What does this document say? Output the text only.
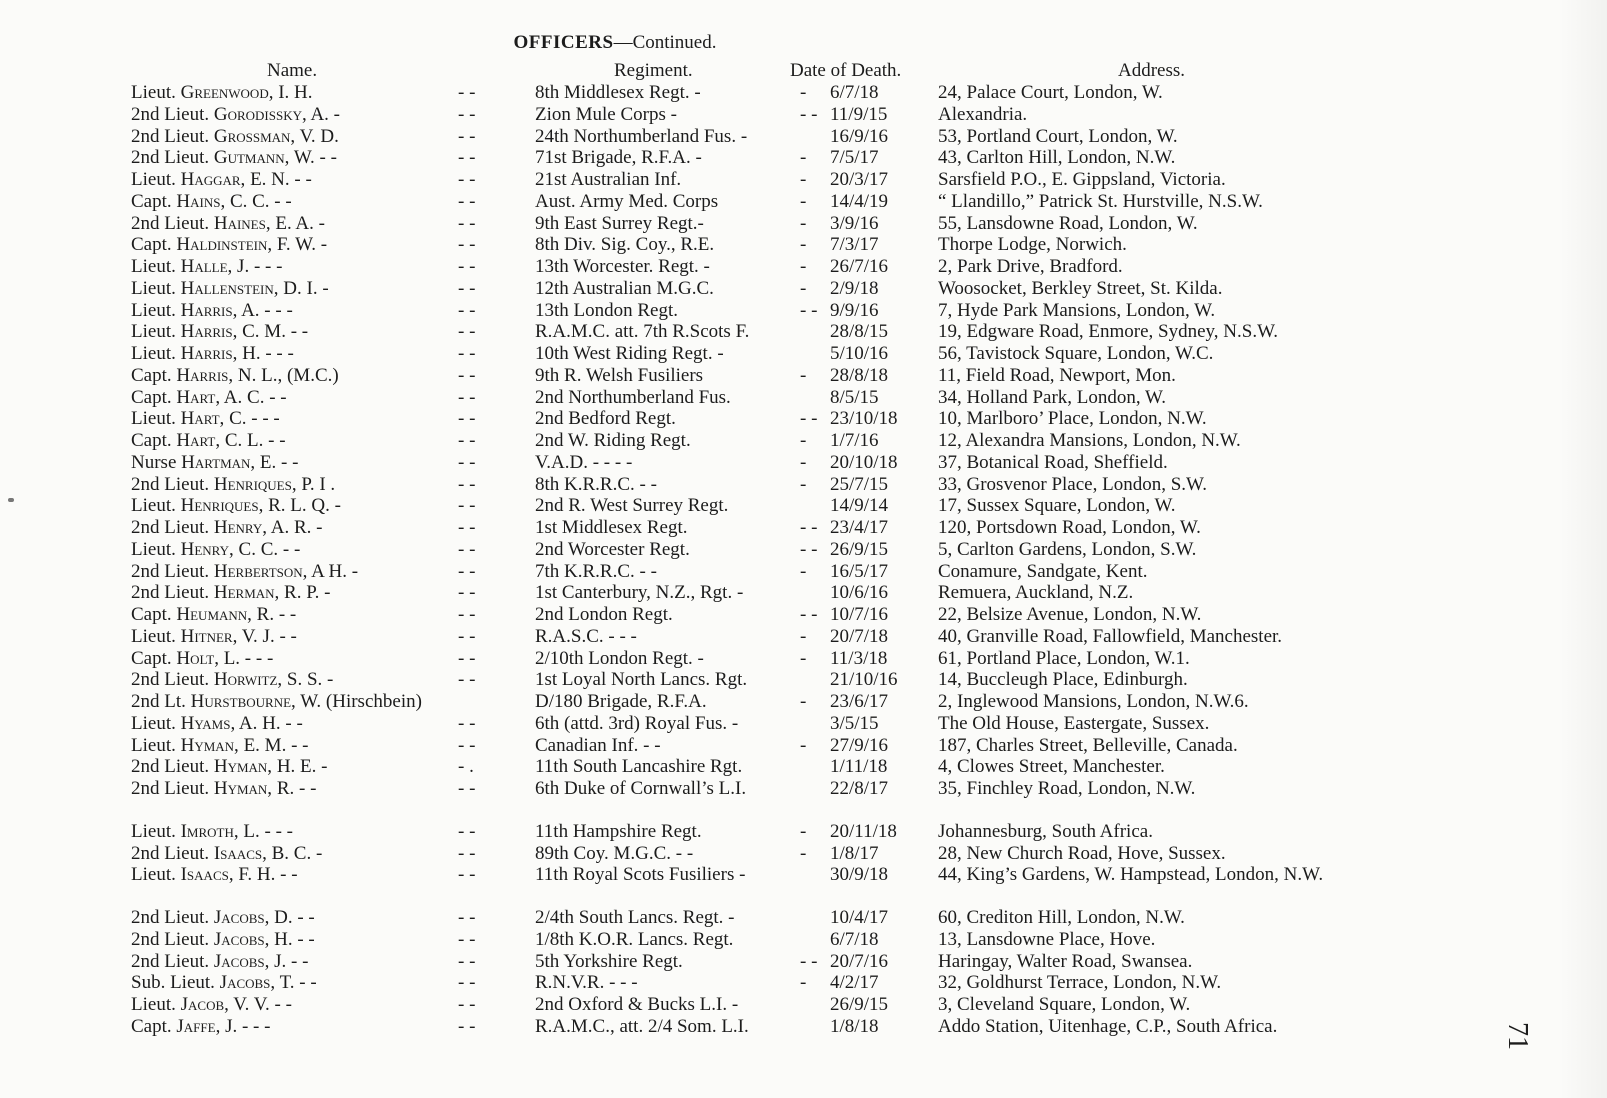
OFFICERS—Continued.
Name.	Regiment.	Date of Death.	Address.
Lieut. Greenwood, I. H.	- -	8th Middlesex Regt. -	- 6/7/18	24, Palace Court, London, W.
2nd Lieut. Gorodissky, A. -	- -	Zion Mule Corps -	- - 11/9/15	Alexandria.
2nd Lieut. Grossman, V. D.	- -	24th Northumberland Fus. -	16/9/16	53, Portland Court, London, W.
2nd Lieut. Gutmann, W. - -	- -	71st Brigade, R.F.A. -	- 7/5/17	43, Carlton Hill, London, N.W.
Lieut. Haggar, E. N. - -	- -	21st Australian Inf.	- 20/3/17	Sarsfield P.O., E. Gippsland, Victoria.
Capt. Hains, C. C. - -	- -	Aust. Army Med. Corps	- 14/4/19	“ Llandillo,” Patrick St. Hurstville, N.S.W.
2nd Lieut. Haines, E. A. -	- -	9th East Surrey Regt.-	- 3/9/16	55, Lansdowne Road, London, W.
Capt. Haldinstein, F. W. -	- -	8th Div. Sig. Coy., R.E.	- 7/3/17	Thorpe Lodge, Norwich.
Lieut. Halle, J. - - -	- -	13th Worcester. Regt. -	- 26/7/16	2, Park Drive, Bradford.
Lieut. Hallenstein, D. I. -	- -	12th Australian M.G.C.	- 2/9/18	Woosocket, Berkley Street, St. Kilda.
Lieut. Harris, A. - - -	- -	13th London Regt.	- - 9/9/16	7, Hyde Park Mansions, London, W.
Lieut. Harris, C. M. - -	- -	R.A.M.C. att. 7th R.Scots F.	28/8/15	19, Edgware Road, Enmore, Sydney, N.S.W.
Lieut. Harris, H. - - -	- -	10th West Riding Regt. -	5/10/16	56, Tavistock Square, London, W.C.
Capt. Harris, N. L., (M.C.)	- -	9th R. Welsh Fusiliers	- 28/8/18	11, Field Road, Newport, Mon.
Capt. Hart, A. C. - -	- -	2nd Northumberland Fus.	8/5/15	34, Holland Park, London, W.
Lieut. Hart, C. - - -	- -	2nd Bedford Regt.	- - 23/10/18 10, Marlboro’ Place, London, N.W.
Capt. Hart, C. L. - -	- -	2nd W. Riding Regt.	- 1/7/16	12, Alexandra Mansions, London, N.W.
Nurse Hartman, E. - -	- -	V.A.D. - - - -	- 20/10/18 37, Botanical Road, Sheffield.
2nd Lieut. Henriques, P. I .	- -	8th K.R.R.C. - -	- 25/7/15	33, Grosvenor Place, London, S.W.
Lieut. Henriques, R. L. Q. -	- -	2nd R. West Surrey Regt.	14/9/14	17, Sussex Square, London, W.
2nd Lieut. Henry, A. R. -	- -	1st Middlesex Regt.	- - 23/4/17	120, Portsdown Road, London, W.
Lieut. Henry, C. C. - -	- -	2nd Worcester Regt.	- - 26/9/15	5, Carlton Gardens, London, S.W.
2nd Lieut. Herbertson, A H. -	- -	7th K.R.R.C. - -	- 16/5/17	Conamure, Sandgate, Kent.
2nd Lieut. Herman, R. P. -	- -	1st Canterbury, N.Z., Rgt. -	10/6/16	Remuera, Auckland, N.Z.
Capt. Heumann, R. - -	- -	2nd London Regt.	- - 10/7/16	22, Belsize Avenue, London, N.W.
Lieut. Hitner, V. J. - -	- -	R.A.S.C. - - -	- 20/7/18	40, Granville Road, Fallowfield, Manchester.
Capt. Holt, L. - - -	- -	2/10th London Regt. -	- 11/3/18	61, Portland Place, London, W.1.
2nd Lieut. Horwitz, S. S. -	- -	1st Loyal North Lancs. Rgt.	21/10/16 14, Buccleugh Place, Edinburgh.
2nd Lt. Hurstbourne, W. (Hirschbein)	D/180 Brigade, R.F.A.	- 23/6/17	2, Inglewood Mansions, London, N.W.6.
Lieut. Hyams, A. H. - -	- -	6th (attd. 3rd) Royal Fus. -	3/5/15	The Old House, Eastergate, Sussex.
Lieut. Hyman, E. M. - -	- -	Canadian Inf. - -	- 27/9/16	187, Charles Street, Belleville, Canada.
2nd Lieut. Hyman, H. E. -	- .	11th South Lancashire Rgt.	1/11/18	4, Clowes Street, Manchester.
2nd Lieut. Hyman, R. - -	- -	6th Duke of Cornwall’s L.I.	22/8/17	35, Finchley Road, London, N.W.
Lieut. Imroth, L. - - -	- -	11th Hampshire Regt.	- 20/11/18 Johannesburg, South Africa.
2nd Lieut. Isaacs, B. C. -	- -	89th Coy. M.G.C. - -	- 1/8/17	28, New Church Road, Hove, Sussex.
Lieut. Isaacs, F. H. - -	- -	11th Royal Scots Fusiliers -	30/9/18	44, King’s Gardens, W. Hampstead, London, N.W.
2nd Lieut. Jacobs, D. - -	- -	2/4th South Lancs. Regt. -	10/4/17	60, Crediton Hill, London, N.W.
2nd Lieut. Jacobs, H. - -	- -	1/8th K.O.R. Lancs. Regt.	6/7/18	13, Lansdowne Place, Hove.
2nd Lieut. Jacobs, J. - -	- -	5th Yorkshire Regt.	- - 20/7/16	Haringay, Walter Road, Swansea.
Sub. Lieut. Jacobs, T. - -	- -	R.N.V.R. - - -	- 4/2/17	32, Goldhurst Terrace, London, N.W.
Lieut. Jacob, V. V. - -	- -	2nd Oxford & Bucks L.I. -	26/9/15	3, Cleveland Square, London, W.
Capt. Jaffe, J. - - -	- -	R.A.M.C., att. 2/4 Som. L.I.	1/8/18	Addo Station, Uitenhage, C.P., South Africa.	71
